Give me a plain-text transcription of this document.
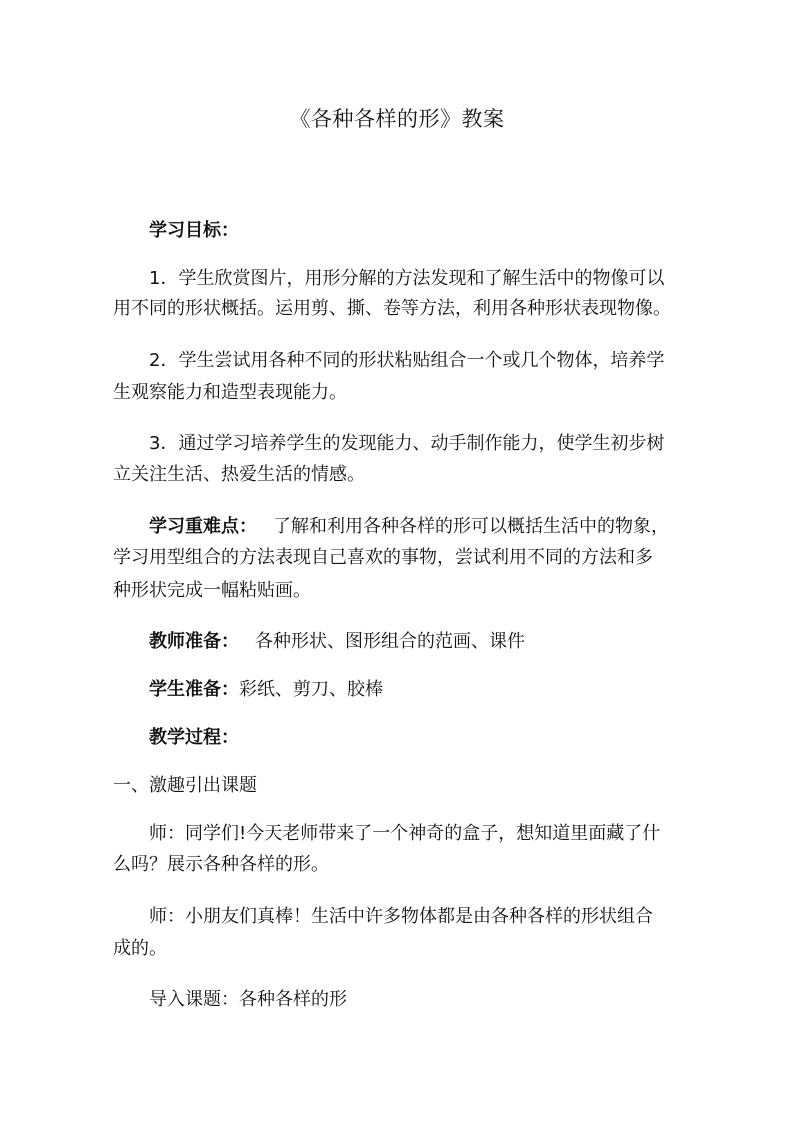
《各种各样的形》教案
学习目标：
1．学生欣赏图片，用形分解的方法发现和了解生活中的物像可以
用不同的形状概括。运用剪、撕、卷等方法，利用各种形状表现物像。
2．学生尝试用各种不同的形状粘贴组合一个或几个物体，培养学
生观察能力和造型表现能力。
3．通过学习培养学生的发现能力、动手制作能力，使学生初步树
立关注生活、热爱生活的情感。
学习重难点： 了解和利用各种各样的形可以概括生活中的物象，
学习用型组合的方法表现自己喜欢的事物，尝试利用不同的方法和多
种形状完成一幅粘贴画。
教师准备： 各种形状、图形组合的范画、课件
学生准备：彩纸、剪刀、胶棒
教学过程：
一、激趣引出课题
师：同学们!今天老师带来了一个神奇的盒子，想知道里面藏了什
么吗？展示各种各样的形。
师：小朋友们真棒！生活中许多物体都是由各种各样的形状组合
成的。
导入课题：各种各样的形
